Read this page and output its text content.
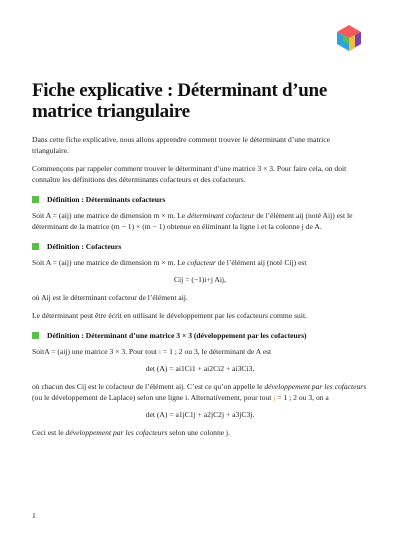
Fiche explicative : Déterminant d’une matrice triangulaire

Dans cette fiche explicative, nous allons apprendre comment trouver le déterminant d’une matrice triangulaire.

Commençons par rappeler comment trouver le déterminant d’une matrice 3 × 3. Pour faire cela, on doit connaître les définitions des déterminants cofacteurs et des cofacteurs.

Définition : Déterminants cofacteurs

Soit A = (aij) une matrice de dimension m × m. Le déterminant cofacteur de l’élément aij (noté Aij) est le déterminant de la matrice (m − 1) × (m − 1) obtenue en éliminant la ligne i et la colonne j de A.

Définition : Cofacteurs

Soit A = (aij) une matrice de dimension m × m. Le cofacteur de l’élément aij (noté Cij) est

Cij = (−1)i+j Aij,

où Aij est le déterminant cofacteur de l’élément aij.

Le déterminant peut être écrit en utilisant le développement par les cofacteurs comme suit.

Définition : Déterminant d’une matrice 3 × 3 (développement par les cofacteurs)

SoitA = (aij) une matrice 3 × 3. Pour tout i = 1 ; 2 ou 3, le déterminant de A est

det (A) = ai1Ci1 + ai2Ci2 + ai3Ci3,

où chacun des Cij est le cofacteur de l’élément aij. C’est ce qu’on appelle le développement par les cofacteurs (ou le développement de Laplace) selon une ligne i. Alternativement, pour tout j = 1 ; 2 ou 3, on a

det (A) = a1jC1j + a2jC2j + a3jC3j.

Ceci est le développement par les cofacteurs selon une colonne j.

1
